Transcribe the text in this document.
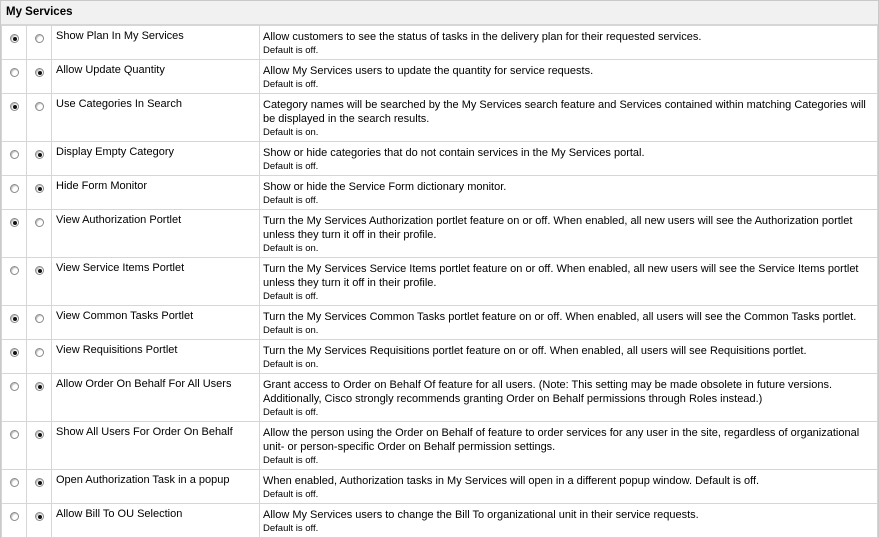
My Services

	Show Plan In My Services	Allow customers to see the status of tasks in the delivery plan for their requested services.
Default is off.

	Allow Update Quantity	Allow My Services users to update the quantity for service requests.
Default is off.

	Use Categories In Search	Category names will be searched by the My Services search feature and Services contained within matching Categories will be displayed in the search results.
Default is on.

	Display Empty Category	Show or hide categories that do not contain services in the My Services portal.
Default is off.

	Hide Form Monitor	Show or hide the Service Form dictionary monitor.
Default is off.

	View Authorization Portlet	Turn the My Services Authorization portlet feature on or off. When enabled, all new users will see the Authorization portlet unless they turn it off in their profile.
Default is on.

	View Service Items Portlet	Turn the My Services Service Items portlet feature on or off. When enabled, all new users will see the Service Items portlet unless they turn it off in their profile.
Default is off.

	View Common Tasks Portlet	Turn the My Services Common Tasks portlet feature on or off. When enabled, all users will see the Common Tasks portlet.
Default is on.

	View Requisitions Portlet	Turn the My Services Requisitions portlet feature on or off. When enabled, all users will see Requisitions portlet.
Default is on.

	Allow Order On Behalf For All Users	Grant access to Order on Behalf Of feature for all users. (Note: This setting may be made obsolete in future versions. Additionally, Cisco strongly recommends granting Order on Behalf permissions through Roles instead.)
Default is off.

	Show All Users For Order On Behalf	Allow the person using the Order on Behalf of feature to order services for any user in the site, regardless of organizational unit- or person-specific Order on Behalf permission settings.
Default is off.

	Open Authorization Task in a popup	When enabled, Authorization tasks in My Services will open in a different popup window. Default is off.
Default is off.

	Allow Bill To OU Selection	Allow My Services users to change the Bill To organizational unit in their service requests.
Default is off.
